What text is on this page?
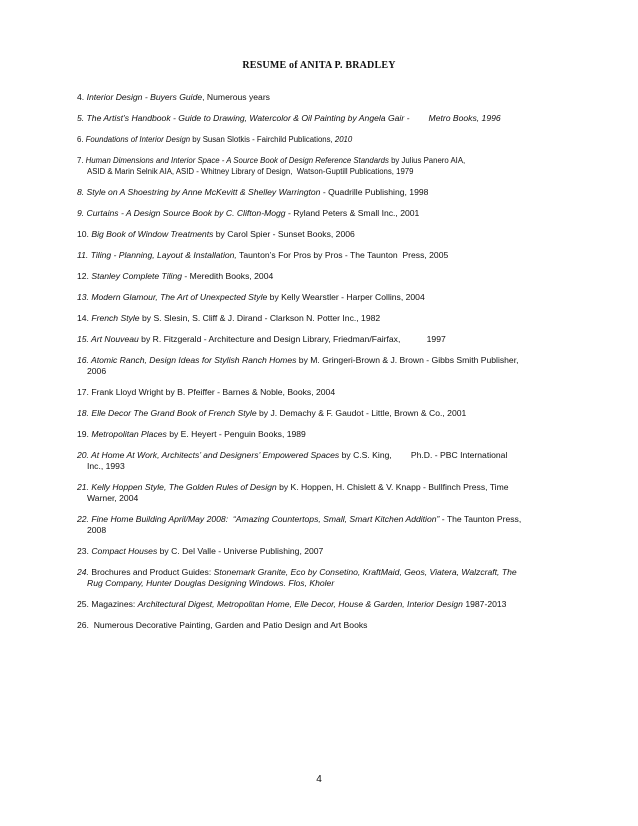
RESUME of ANITA P. BRADLEY
4. Interior Design - Buyers Guide, Numerous years
5. The Artist’s Handbook - Guide to Drawing, Watercolor & Oil Painting by Angela Gair -        Metro Books, 1996
6. Foundations of Interior Design by Susan Slotkis - Fairchild Publications, 2010
7. Human Dimensions and Interior Space - A Source Book of Design Reference Standards by Julius Panero AIA,
ASID & Marin Selnik AIA, ASID - Whitney Library of Design,  Watson-Guptill Publications, 1979
8. Style on A Shoestring by Anne McKevitt & Shelley Warrington - Quadrille Publishing, 1998
9. Curtains - A Design Source Book by C. Clifton-Mogg - Ryland Peters & Small Inc., 2001
10. Big Book of Window Treatments by Carol Spier - Sunset Books, 2006
11. Tiling - Planning, Layout & Installation, Taunton’s For Pros by Pros - The Taunton  Press, 2005
12. Stanley Complete Tiling - Meredith Books, 2004
13. Modern Glamour, The Art of Unexpected Style by Kelly Wearstler - Harper Collins, 2004
14. French Style by S. Slesin, S. Cliff & J. Dirand - Clarkson N. Potter Inc., 1982
15. Art Nouveau by R. Fitzgerald - Architecture and Design Library, Friedman/Fairfax,           1997
16. Atomic Ranch, Design Ideas for Stylish Ranch Homes by M. Gringeri-Brown & J. Brown - Gibbs Smith Publisher,
2006
17. Frank Lloyd Wright by B. Pfeiffer - Barnes & Noble, Books, 2004
18. Elle Decor The Grand Book of French Style by J. Demachy & F. Gaudot - Little, Brown & Co., 2001
19. Metropolitan Places by E. Heyert - Penguin Books, 1989
20. At Home At Work, Architects’ and Designers’ Empowered Spaces by C.S. King,        Ph.D. - PBC International
Inc., 1993
21. Kelly Hoppen Style, The Golden Rules of Design by K. Hoppen, H. Chislett & V. Knapp - Bullfinch Press, Time
Warner, 2004
22. Fine Home Building April/May 2008:  “Amazing Countertops, Small, Smart Kitchen Addition” - The Taunton Press,
2008
23. Compact Houses by C. Del Valle - Universe Publishing, 2007
24. Brochures and Product Guides: Stonemark Granite, Eco by Consetino, KraftMaid, Geos, Viatera, Walzcraft, The
Rug Company, Hunter Douglas Designing Windows. Flos, Kholer
25. Magazines: Architectural Digest, Metropolitan Home, Elle Decor, House & Garden, Interior Design 1987-2013
26.  Numerous Decorative Painting, Garden and Patio Design and Art Books

4
